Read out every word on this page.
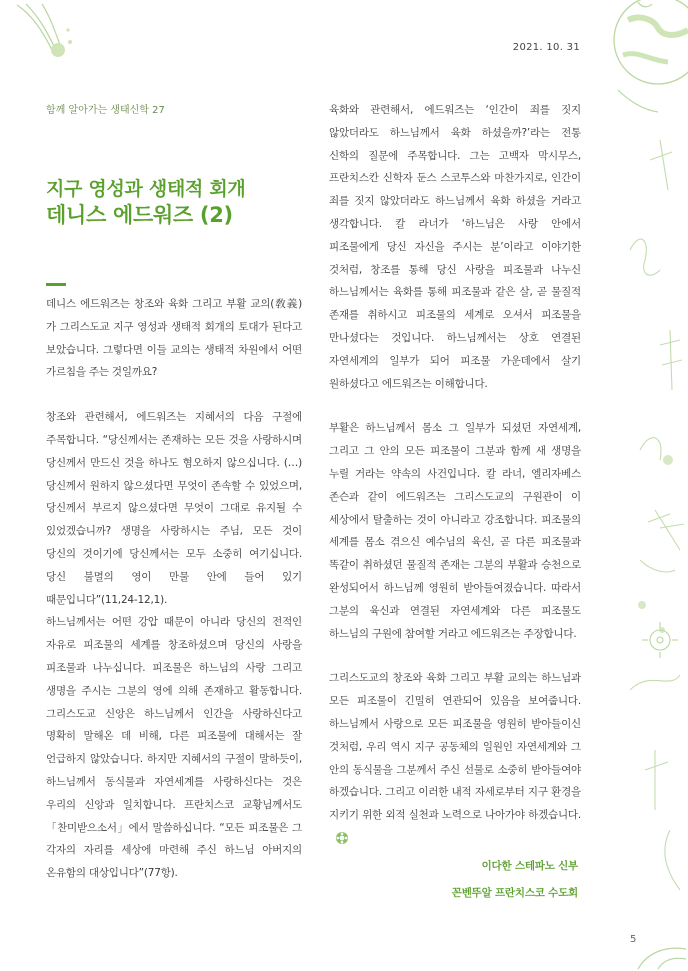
2021. 10. 31
함께 알아가는 생태신학 27
지구 영성과 생태적 회개
데니스 에드워즈 (2)

데니스 에드워즈는 창조와 육화 그리고 부활 교의(敎義)가 그리스도교 지구 영성과 생태적 회개의 토대가 된다고 보았습니다. 그렇다면 이들 교의는 생태적 차원에서 어떤 가르침을 주는 것일까요?

창조와 관련해서, 에드워즈는 지혜서의 다음 구절에 주목합니다. “당신께서는 존재하는 모든 것을 사랑하시며 당신께서 만드신 것을 하나도 혐오하지 않으십니다. (…) 당신께서 원하지 않으셨다면 무엇이 존속할 수 있었으며, 당신께서 부르지 않으셨다면 무엇이 그대로 유지될 수 있었겠습니까? 생명을 사랑하시는 주님, 모든 것이 당신의 것이기에 당신께서는 모두 소중히 여기십니다. 당신 불멸의 영이 만물 안에 들어 있기 때문입니다”(11,24-12,1).

하느님께서는 어떤 강압 때문이 아니라 당신의 전적인 자유로 피조물의 세계를 창조하셨으며 당신의 사랑을 피조물과 나누십니다. 피조물은 하느님의 사랑 그리고 생명을 주시는 그분의 영에 의해 존재하고 활동합니다. 그리스도교 신앙은 하느님께서 인간을 사랑하신다고 명확히 말해온 데 비해, 다른 피조물에 대해서는 잘 언급하지 않았습니다. 하지만 지혜서의 구절이 말하듯이, 하느님께서 동식물과 자연세계를 사랑하신다는 것은 우리의 신앙과 일치합니다. 프란치스코 교황님께서도 「찬미받으소서」에서 말씀하십니다. “모든 피조물은 그 각자의 자리를 세상에 마련해 주신 하느님 아버지의 온유함의 대상입니다”(77항).

육화와 관련해서, 에드워즈는 ‘인간이 죄를 짓지 않았더라도 하느님께서 육화 하셨을까?’라는 전통 신학의 질문에 주목합니다. 그는 고백자 막시무스, 프란치스칸 신학자 둔스 스코투스와 마찬가지로, 인간이 죄를 짓지 않았더라도 하느님께서 육화 하셨을 거라고 생각합니다. 칼 라너가 ‘하느님은 사랑 안에서 피조물에게 당신 자신을 주시는 분’이라고 이야기한 것처럼, 창조를 통해 당신 사랑을 피조물과 나누신 하느님께서는 육화를 통해 피조물과 같은 살, 곧 물질적 존재를 취하시고 피조물의 세계로 오셔서 피조물을 만나셨다는 것입니다. 하느님께서는 상호 연결된 자연세계의 일부가 되어 피조물 가운데에서 살기 원하셨다고 에드워즈는 이해합니다.

부활은 하느님께서 몸소 그 일부가 되셨던 자연세계, 그리고 그 안의 모든 피조물이 그분과 함께 새 생명을 누릴 거라는 약속의 사건입니다. 칼 라너, 엘리자베스 존슨과 같이 에드워즈는 그리스도교의 구원관이 이 세상에서 탈출하는 것이 아니라고 강조합니다. 피조물의 세계를 몸소 겪으신 예수님의 육신, 곧 다른 피조물과 똑같이 취하셨던 물질적 존재는 그분의 부활과 승천으로 완성되어서 하느님께 영원히 받아들여졌습니다. 따라서 그분의 육신과 연결된 자연세계와 다른 피조물도 하느님의 구원에 참여할 거라고 에드워즈는 주장합니다.

그리스도교의 창조와 육화 그리고 부활 교의는 하느님과 모든 피조물이 긴밀히 연관되어 있음을 보여줍니다. 하느님께서 사랑으로 모든 피조물을 영원히 받아들이신 것처럼, 우리 역시 지구 공동체의 일원인 자연세계와 그 안의 동식물을 그분께서 주신 선물로 소중히 받아들여야 하겠습니다. 그리고 이러한 내적 자세로부터 지구 환경을 지키기 위한 외적 실천과 노력으로 나아가야 하겠습니다.

이다한 스테파노 신부
꼰벤뚜알 프란치스코 수도회
5
